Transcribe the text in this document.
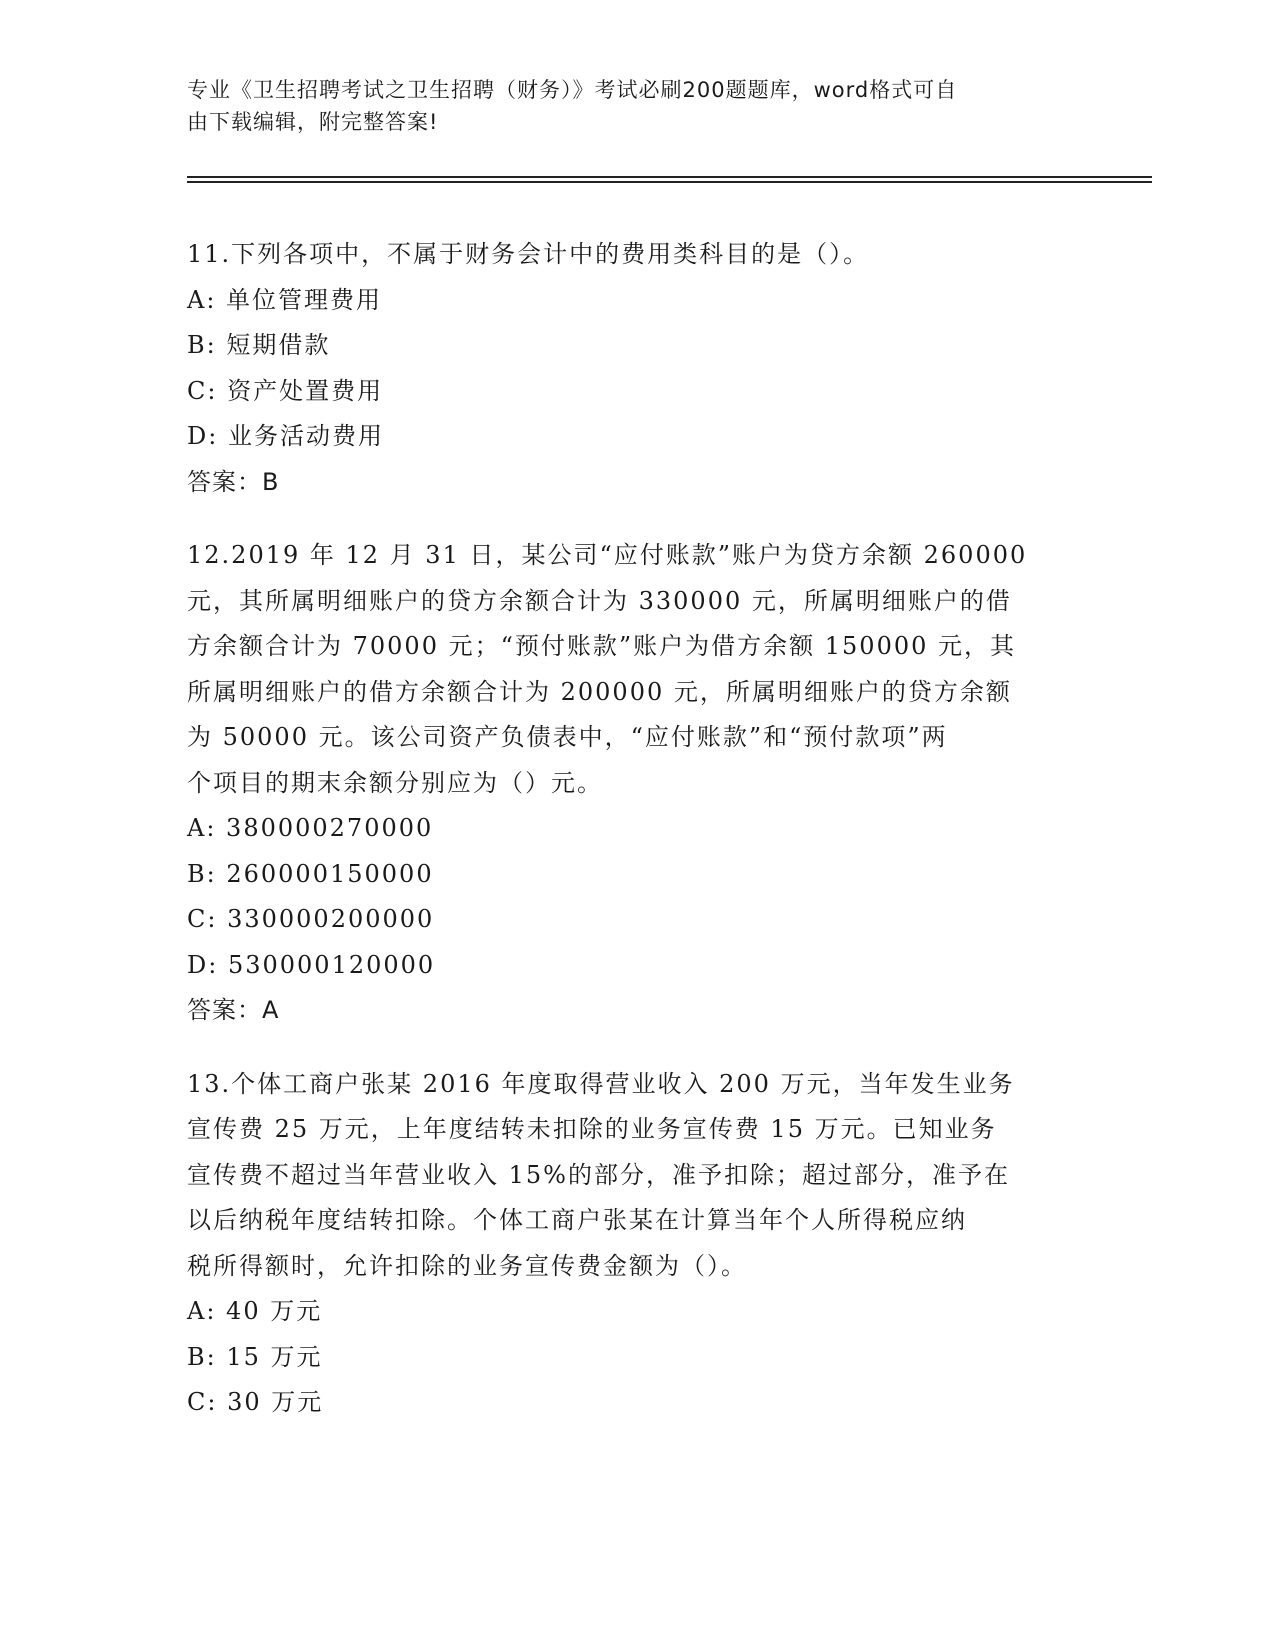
专业《卫生招聘考试之卫生招聘（财务）》考试必刷200题题库，word格式可自
由下载编辑，附完整答案!
11.下列各项中，不属于财务会计中的费用类科目的是（）。
A: 单位管理费用
B: 短期借款
C: 资产处置费用
D: 业务活动费用
答案：B
12.2019 年 12 月 31 日，某公司“应付账款”账户为贷方余额 260000
元，其所属明细账户的贷方余额合计为 330000 元，所属明细账户的借
方余额合计为 70000 元；“预付账款”账户为借方余额 150000 元，其
所属明细账户的借方余额合计为 200000 元，所属明细账户的贷方余额
为 50000 元。该公司资产负债表中，“应付账款”和“预付款项”两
个项目的期末余额分别应为（）元。
A: 380000270000
B: 260000150000
C: 330000200000
D: 530000120000
答案：A
13.个体工商户张某 2016 年度取得营业收入 200 万元，当年发生业务
宣传费 25 万元，上年度结转未扣除的业务宣传费 15 万元。已知业务
宣传费不超过当年营业收入 15%的部分，准予扣除；超过部分，准予在
以后纳税年度结转扣除。个体工商户张某在计算当年个人所得税应纳
税所得额时，允许扣除的业务宣传费金额为（）。
A: 40 万元
B: 15 万元
C: 30 万元
